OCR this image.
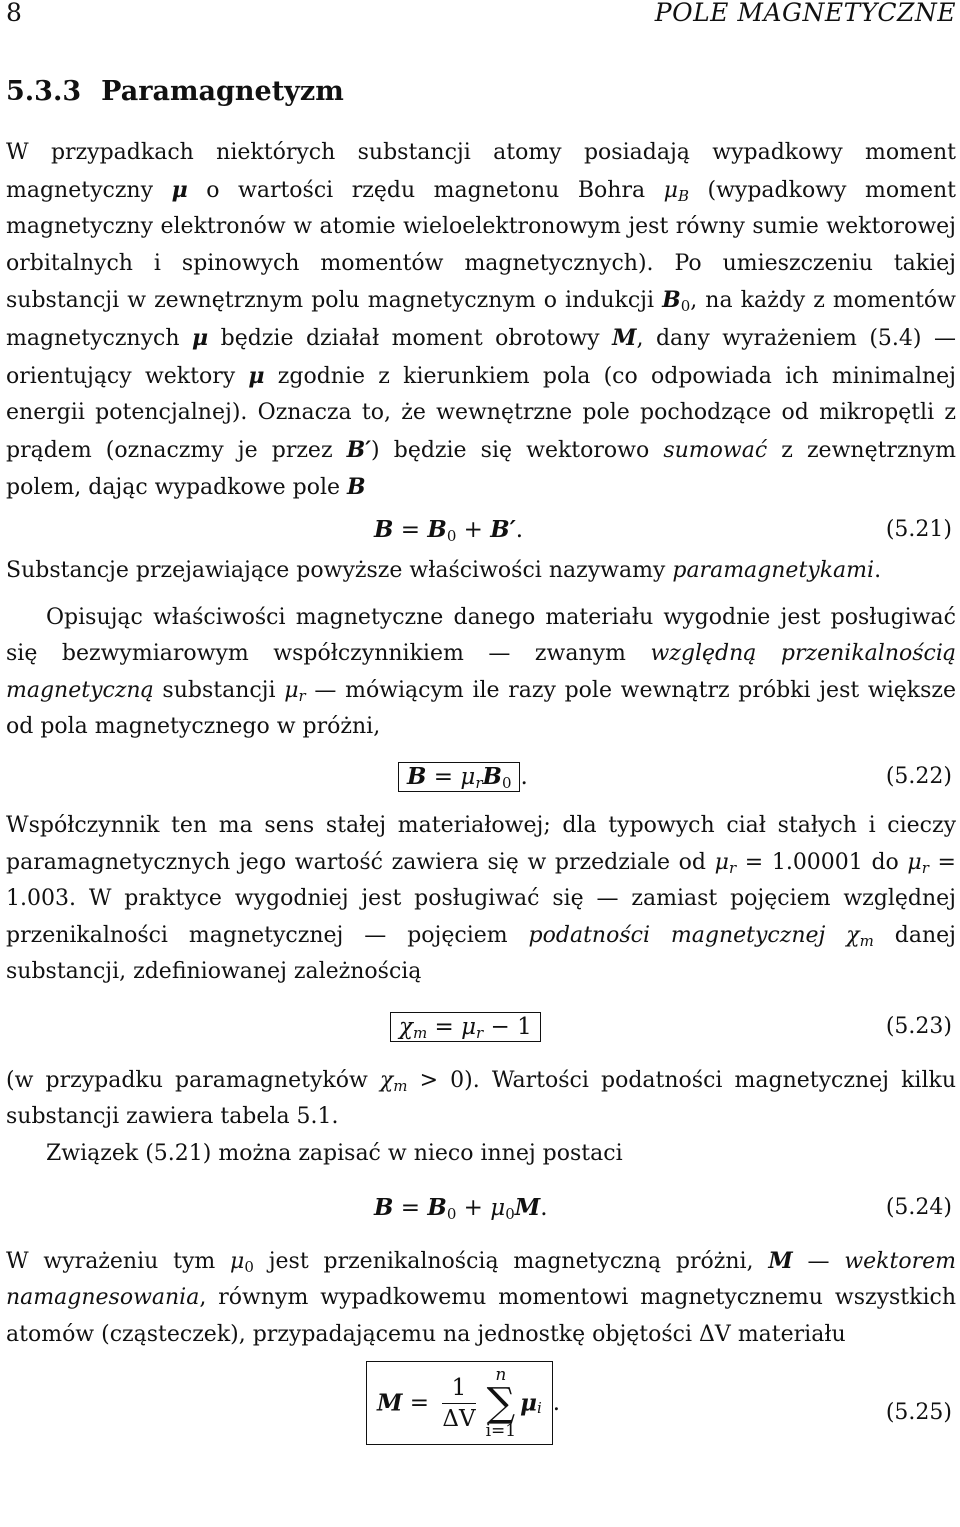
8	POLE MAGNETYCZNE
5.3.3 Paramagnetyzm

W przypadkach niektórych substancji atomy posiadają wypadkowy moment magnetyczny μ o wartości rzędu magnetonu Bohra $\mu_B$ (wypadkowy moment magnetyczny elektronów w atomie wieloelektronowym jest równy sumie wektorowej orbitalnych i spinowych momentów magnetycznych). Po umieszczeniu takiej substancji w zewnętrznym polu magnetycznym o indukcji $B_0$, na każdy z momentów magnetycznych μ będzie działał moment obrotowy M, dany wyrażeniem (5.4) — orientujący wektory μ zgodnie z kierunkiem pola (co odpowiada ich minimalnej energii potencjalnej). Oznacza to, że wewnętrzne pole pochodzące od mikropętli z prądem (oznaczmy je przez B′) będzie się wektorowo sumować z zewnętrznym polem, dając wypadkowe pole B

$B = B_0 + B'$.	(5.21)

Substancje przejawiające powyższe właściwości nazywamy paramagnetykami.

Opisując właściwości magnetyczne danego materiału wygodnie jest posługiwać się bezwymiarowym współczynnikiem — zwanym względną przenikalnością magnetyczną substancji $\mu_r$ — mówiącym ile razy pole wewnątrz próbki jest większe od pola magnetycznego w próżni,

$B = \mu_rB_0$ .	(5.22)

Współczynnik ten ma sens stałej materiałowej; dla typowych ciał stałych i cieczy paramagnetycznych jego wartość zawiera się w przedziale od $\mu_r = 1.00001$ do $\mu_r = 1.003$. W praktyce wygodniej jest posługiwać się — zamiast pojęciem względnej przenikalności magnetycznej — pojęciem podatności magnetycznej $\chi_m$ danej substancji, zdefiniowanej zależnością

$\chi_m = \mu_r - 1$	(5.23)

(w przypadku paramagnetyków $\chi_m > 0$). Wartości podatności magnetycznej kilku substancji zawiera tabela 5.1.

Związek (5.21) można zapisać w nieco innej postaci

$B = B_0 + \mu_0M$.	(5.24)

W wyrażeniu tym $\mu_0$ jest przenikalnością magnetyczną próżni, M — wektorem namagnesowania, równym wypadkowemu momentowi magnetycznemu wszystkich atomów (cząsteczek), przypadającemu na jednostkę objętości ΔV materiału

$M = \frac{1}{\Delta V}$	n
∑
i=1
$\mu_i$ .	(5.25)
